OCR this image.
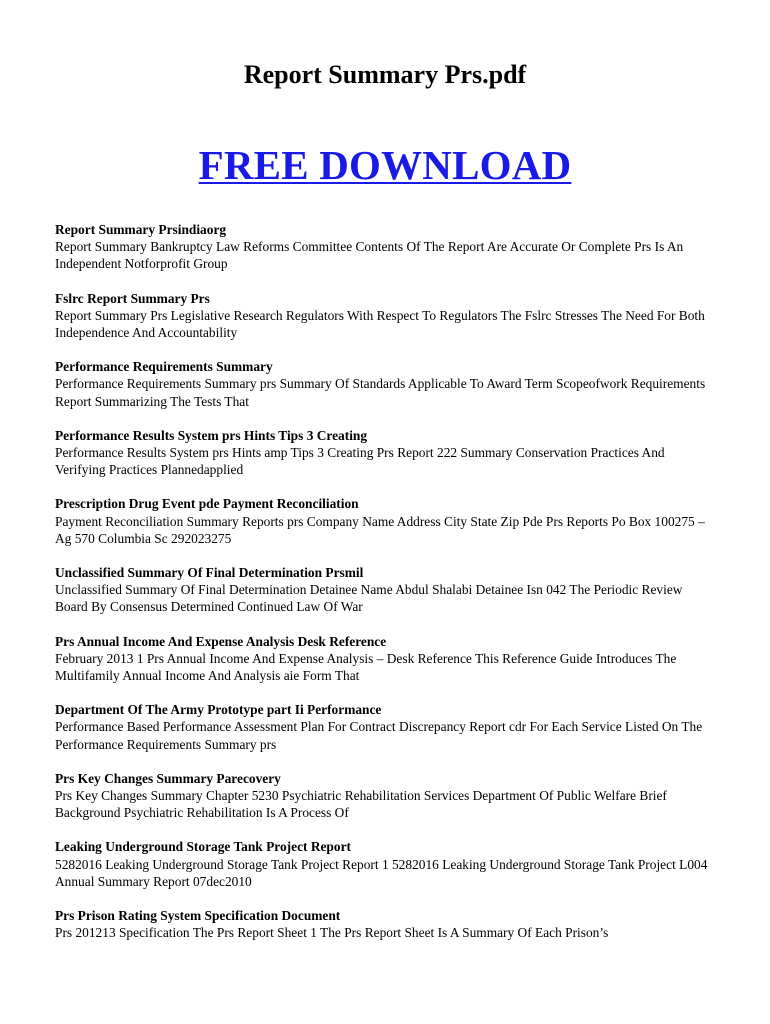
Report Summary Prs.pdf
FREE DOWNLOAD

Report Summary Prsindiaorg

Report Summary Bankruptcy Law Reforms Committee Contents Of The Report Are Accurate Or Complete Prs Is An Independent Notforprofit Group

Fslrc Report Summary Prs

Report Summary Prs Legislative Research Regulators With Respect To Regulators The Fslrc Stresses The Need For Both Independence And Accountability

Performance Requirements Summary

Performance Requirements Summary prs Summary Of Standards Applicable To Award Term Scopeofwork Requirements Report Summarizing The Tests That

Performance Results System prs Hints Tips 3 Creating

Performance Results System prs Hints amp Tips 3 Creating Prs Report 222 Summary Conservation Practices And Verifying Practices Plannedapplied

Prescription Drug Event pde Payment Reconciliation

Payment Reconciliation Summary Reports prs Company Name Address City State Zip Pde Prs Reports Po Box 100275 – Ag 570 Columbia Sc 292023275

Unclassified Summary Of Final Determination Prsmil

Unclassified Summary Of Final Determination Detainee Name Abdul Shalabi Detainee Isn 042 The Periodic Review Board By Consensus Determined Continued Law Of War

Prs Annual Income And Expense Analysis Desk Reference

February 2013 1 Prs Annual Income And Expense Analysis – Desk Reference This Reference Guide Introduces The Multifamily Annual Income And Analysis aie Form That

Department Of The Army Prototype part Ii Performance

Performance Based Performance Assessment Plan For Contract Discrepancy Report cdr For Each Service Listed On The Performance Requirements Summary prs

Prs Key Changes Summary Parecovery

Prs Key Changes Summary Chapter 5230 Psychiatric Rehabilitation Services Department Of Public Welfare Brief Background Psychiatric Rehabilitation Is A Process Of

Leaking Underground Storage Tank Project Report

5282016 Leaking Underground Storage Tank Project Report 1 5282016 Leaking Underground Storage Tank Project L004 Annual Summary Report 07dec2010

Prs Prison Rating System Specification Document

Prs 201213 Specification The Prs Report Sheet 1 The Prs Report Sheet Is A Summary Of Each Prison’s
